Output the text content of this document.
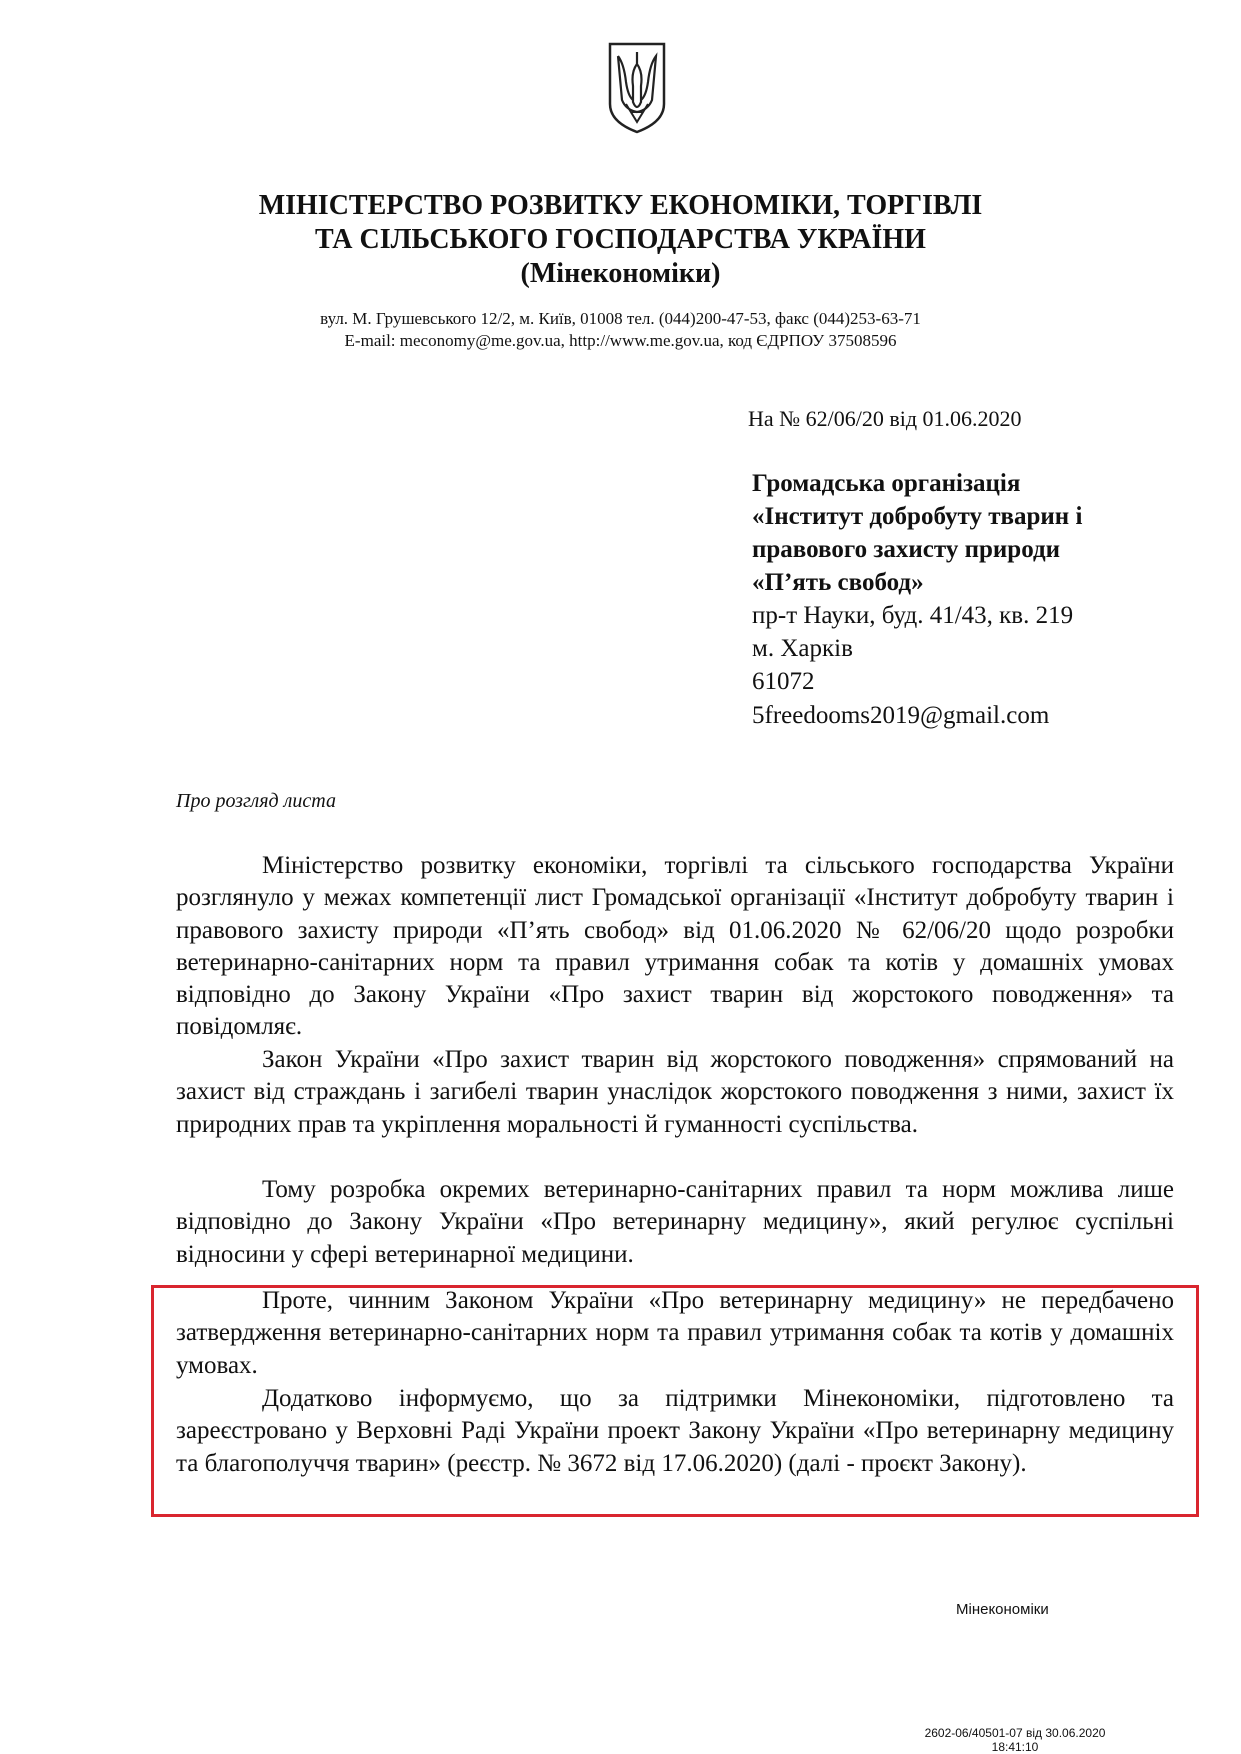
МІНІСТЕРСТВО РОЗВИТКУ ЕКОНОМІКИ, ТОРГІВЛІ
ТА СІЛЬСЬКОГО ГОСПОДАРСТВА УКРАЇНИ
(Мінекономіки)
вул. М. Грушевського 12/2, м. Київ, 01008 тел. (044)200-47-53, факс (044)253-63-71
E-mail: meconomy@me.gov.ua, http://www.me.gov.ua, код ЄДРПОУ 37508596
На № 62/06/20 від 01.06.2020
Громадська організація
«Інститут добробуту тварин і
правового захисту природи
«П’ять свобод»
пр-т Науки, буд. 41/43, кв. 219
м. Харків
61072
5freedooms2019@gmail.com
Про розгляд листа
Міністерство розвитку економіки, торгівлі та сільського господарства України розглянуло у межах компетенції лист Громадської організації «Інститут добробуту тварин і правового захисту природи «П’ять свобод» від 01.06.2020 № 62/06/20 щодо розробки ветеринарно-санітарних норм та правил утримання собак та котів у домашніх умовах відповідно до Закону України «Про захист тварин від жорстокого поводження» та повідомляє.
Закон України «Про захист тварин від жорстокого поводження» спрямований на захист від страждань і загибелі тварин унаслідок жорстокого поводження з ними, захист їх природних прав та укріплення моральності й гуманності суспільства.
Тому розробка окремих ветеринарно-санітарних правил та норм можлива лише відповідно до Закону України «Про ветеринарну медицину», який регулює суспільні відносини у сфері ветеринарної медицини.
Проте, чинним Законом України «Про ветеринарну медицину» не передбачено затвердження ветеринарно-санітарних норм та правил утримання собак та котів у домашніх умовах.
Додатково інформуємо, що за підтримки Мінекономіки, підготовлено та зареєстровано у Верховні Раді України проект Закону України «Про ветеринарну медицину та благополуччя тварин» (реєстр. № 3672 від 17.06.2020) (далі - проєкт Закону).
Мінекономіки
2602-06/40501-07 від 30.06.2020
18:41:10
